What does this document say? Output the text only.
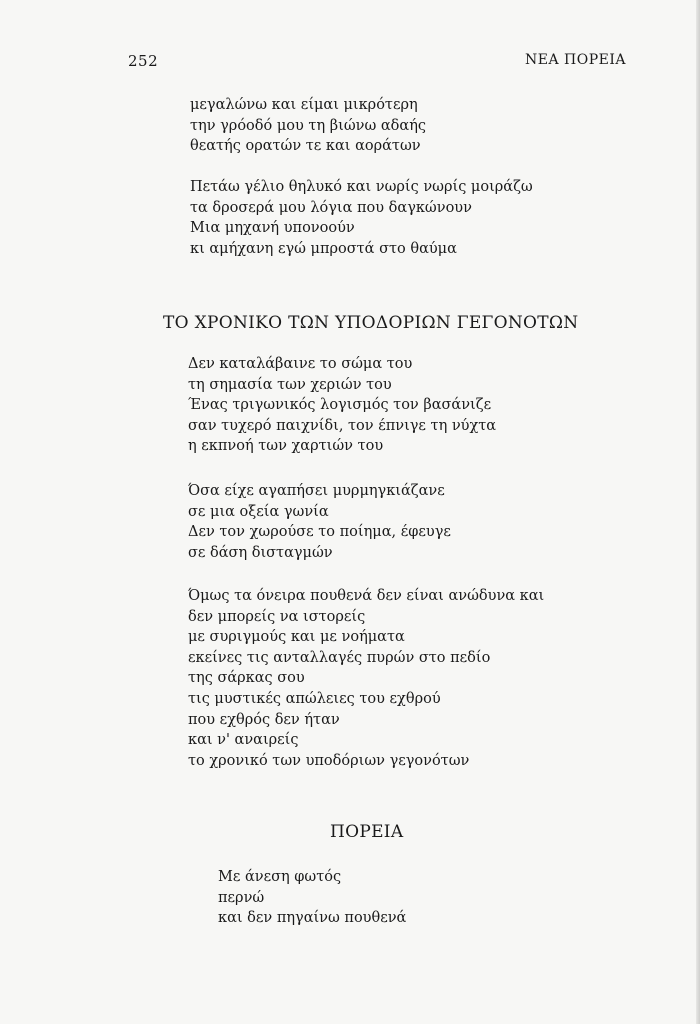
252	ΝΕΑ ΠΟΡΕΙΑ
μεγαλώνω και είμαι μικρότερη
την γρόοδό μου τη βιώνω αδαής
θεατής ορατών τε και αοράτων
Πετάω γέλιο θηλυκό και νωρίς νωρίς μοιράζω
τα δροσερά μου λόγια που δαγκώνουν
Μια μηχανή υπονοούν
κι αμήχανη εγώ μπροστά στο θαύμα
ΤΟ ΧΡΟΝΙΚΟ ΤΩΝ ΥΠΟΔΟΡΙΩΝ ΓΕΓΟΝΟΤΩΝ
Δεν καταλάβαινε το σώμα του
τη σημασία των χεριών του
Ένας τριγωνικός λογισμός τον βασάνιζε
σαν τυχερό παιχνίδι, τον έπνιγε τη νύχτα
η εκπνοή των χαρτιών του
Όσα είχε αγαπήσει μυρμηγκιάζανε
σε μια οξεία γωνία
Δεν τον χωρούσε το ποίημα, έφευγε
σε δάση δισταγμών
Όμως τα όνειρα πουθενά δεν είναι ανώδυνα και
δεν μπορείς να ιστορείς
με συριγμούς και με νοήματα
εκείνες τις ανταλλαγές πυρών στο πεδίο
της σάρκας σου
τις μυστικές απώλειες του εχθρού
που εχθρός δεν ήταν
και ν' αναιρείς
το χρονικό των υποδόριων γεγονότων
ΠΟΡΕΙΑ
Με άνεση φωτός
περνώ
και δεν πηγαίνω πουθενά
